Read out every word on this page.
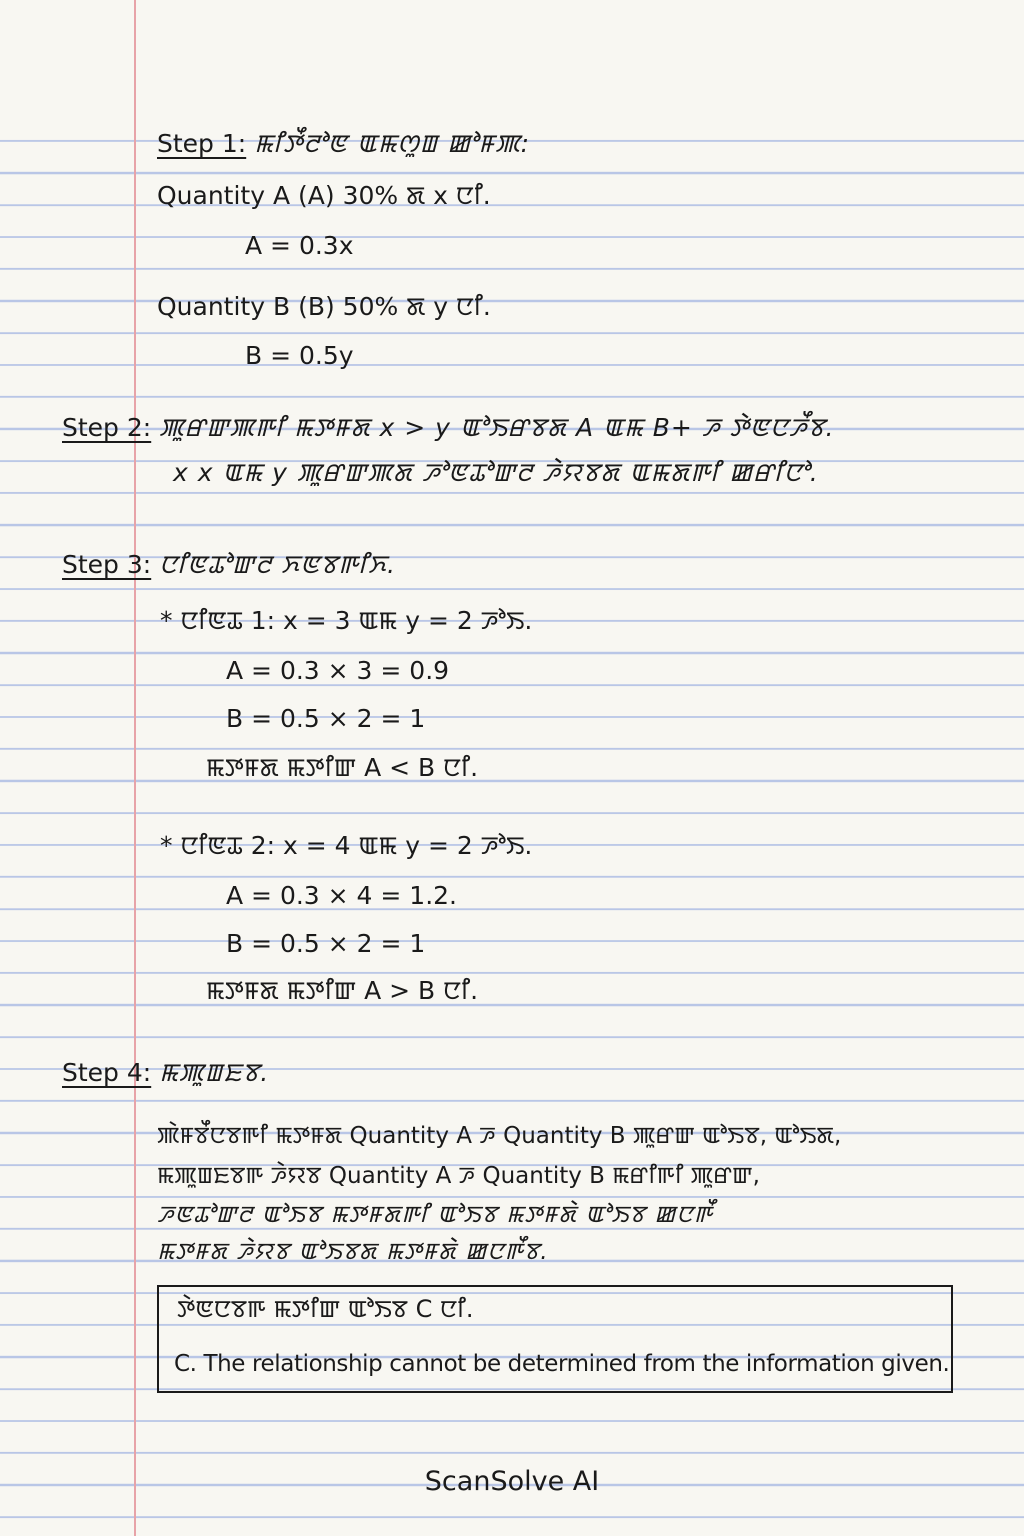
Step 1: ꯃꯤꯇꯩꯂꯣꯟ ꯑꯃꯁꯨꯡ ꯀꯣꯝꯄ:
Quantity A (A) 30% ꯗ x ꯅꯤ.
A = 0.3x
Quantity B (B) 50% ꯗ y ꯅꯤ.
B = 0.5y
Step 2: ꯄꯨꯔꯛꯄꯒꯤ ꯃꯇꯝꯗ x > y ꯑꯣꯏꯔꯕꯗ A ꯑꯃ B+ ꯍ ꯇꯥꯟꯅꯍꯩꯕ.
x x ꯑꯃ y ꯄꯨꯔꯛꯄꯗ ꯍꯣꯟꯊꯣꯛꯂ ꯍꯥꯌꯕꯗ ꯑꯃꯗꯒꯤ ꯀꯔꯤꯅꯣ.
Step 3: ꯅꯤꯟꯊꯣꯛꯂ ꯈꯟꯕꯒꯤꯈ.
* ꯅꯤꯟꯊ 1: x = 3 ꯑꯃ y = 2 ꯍꯣꯏ.
A = 0.3 × 3 = 0.9
B = 0.5 × 2 = 1
ꯃꯇꯝꯗ ꯃꯇꯤꯛ A < B ꯅꯤ.
* ꯅꯤꯟꯊ 2: x = 4 ꯑꯃ y = 2 ꯍꯣꯏ.
A = 0.3 × 4 = 1.2.
B = 0.5 × 2 = 1
ꯃꯇꯝꯗ ꯃꯇꯤꯛ A > B ꯅꯤ.
Step 4: ꯃꯄꯨꯡꯐꯕ.
ꯄꯥꯝꯕꯩꯅꯕꯒꯤ ꯃꯇꯝꯗ Quantity A ꯍ Quantity B ꯄꯨꯔꯛ ꯑꯣꯏꯕ, ꯑꯣꯏꯗ,
ꯃꯄꯨꯡꯐꯕꯒ ꯍꯥꯌꯕ Quantity A ꯍ Quantity B ꯃꯔꯤꯒꯤ ꯄꯨꯔꯛ,
ꯍꯟꯊꯣꯛꯂ ꯑꯣꯏꯕ ꯃꯇꯝꯗꯒꯤ ꯑꯣꯏꯕ ꯃꯇꯝꯗꯥ ꯑꯣꯏꯕ ꯀꯅꯒꯩ
ꯃꯇꯝꯗ ꯍꯥꯌꯕ ꯑꯣꯏꯕꯗ ꯃꯇꯝꯗꯥ ꯀꯅꯒꯩꯕ.
ꯇꯥꯟꯅꯕꯒ ꯃꯇꯤꯛ ꯑꯣꯏꯕ C ꯅꯤ.
C. The relationship cannot be determined from the information given.
ScanSolve AI
